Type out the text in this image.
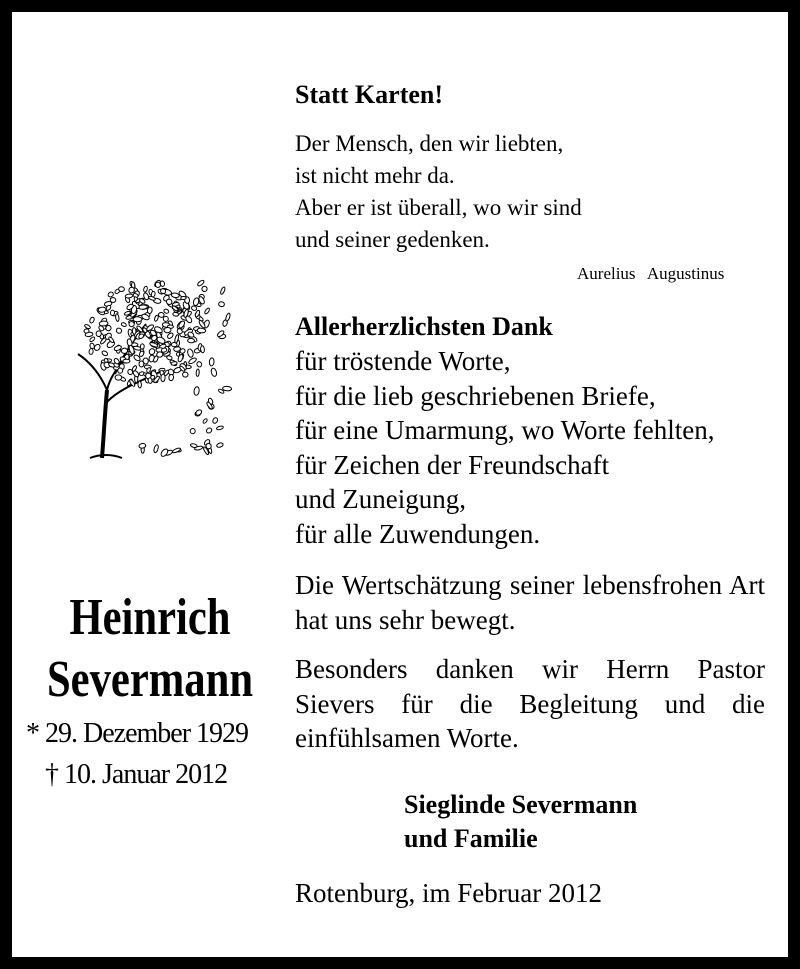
Heinrich
Severmann
* 29. Dezember 1929
† 10. Januar 2012
Statt Karten!
Der Mensch, den wir liebten,
ist nicht mehr da.
Aber er ist überall, wo wir sind
und seiner gedenken.
Aurelius Augustinus
Allerherzlichsten Dank
für tröstende Worte,
für die lieb geschriebenen Briefe,
für eine Umarmung, wo Worte fehlten,
für Zeichen der Freundschaft
und Zuneigung,
für alle Zuwendungen.
Die Wertschätzung seiner lebensfrohen Art hat uns sehr bewegt.
Besonders danken wir Herrn Pastor Sievers für die Begleitung und die einfühlsamen Worte.
Sieglinde Severmann
und Familie
Rotenburg, im Februar 2012
